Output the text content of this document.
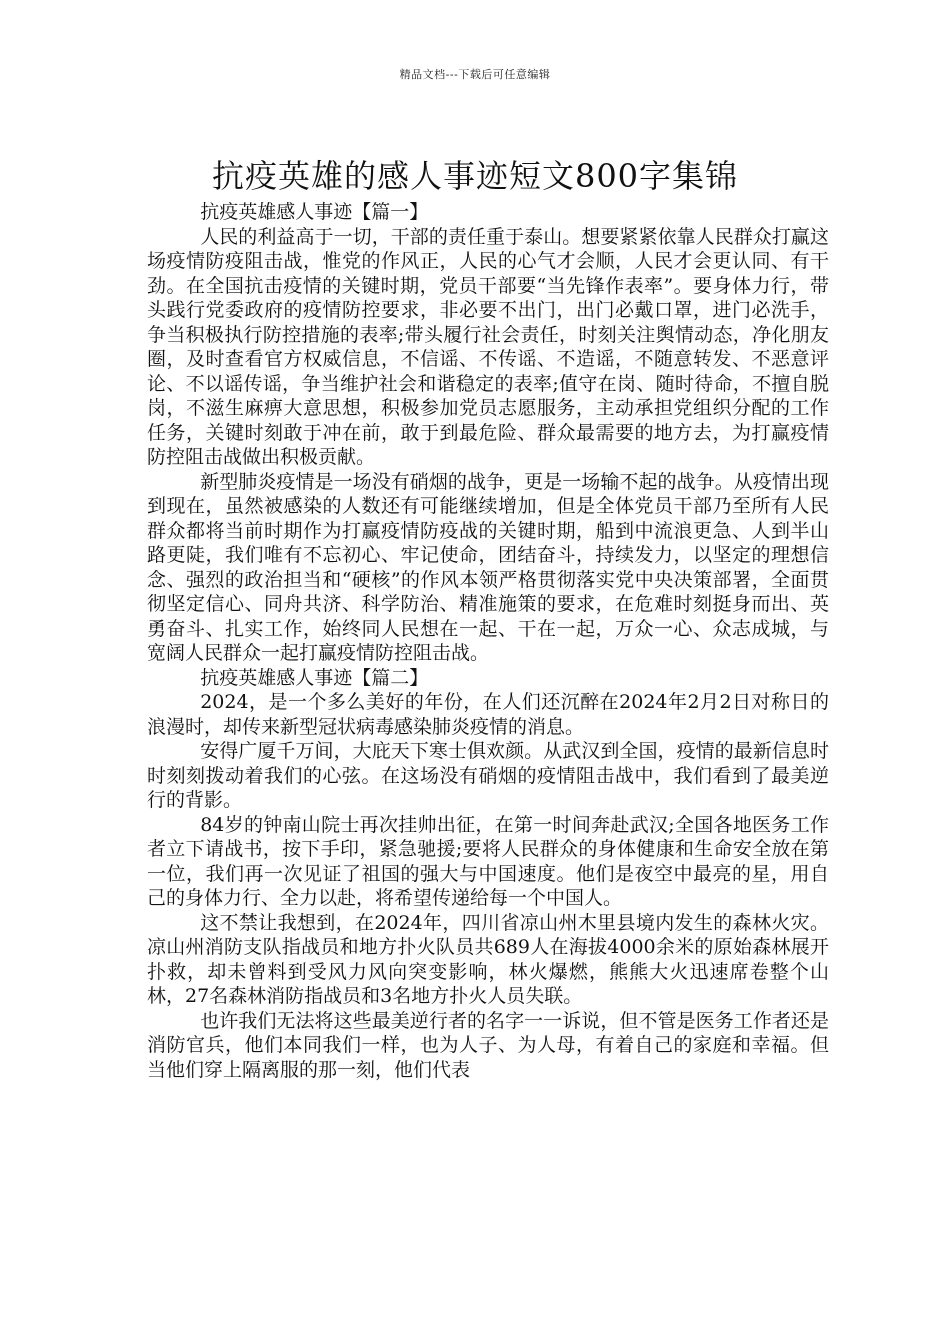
精品文档---下载后可任意编辑
抗疫英雄的感人事迹短文800字集锦

抗疫英雄感人事迹【篇一】

人民的利益高于一切，干部的责任重于泰山。想要紧紧依靠人民群众打赢这场疫情防疫阻击战，惟党的作风正，人民的心气才会顺，人民才会更认同、有干劲。在全国抗击疫情的关键时期，党员干部要“当先锋作表率”。要身体力行，带头践行党委政府的疫情防控要求，非必要不出门，出门必戴口罩，进门必洗手，争当积极执行防控措施的表率;带头履行社会责任，时刻关注舆情动态，净化朋友圈，及时查看官方权威信息，不信谣、不传谣、不造谣，不随意转发、不恶意评论、不以谣传谣，争当维护社会和谐稳定的表率;值守在岗、随时待命，不擅自脱岗，不滋生麻痹大意思想，积极参加党员志愿服务，主动承担党组织分配的工作任务，关键时刻敢于冲在前，敢于到最危险、群众最需要的地方去，为打赢疫情防控阻击战做出积极贡献。

新型肺炎疫情是一场没有硝烟的战争，更是一场输不起的战争。从疫情出现到现在，虽然被感染的人数还有可能继续增加，但是全体党员干部乃至所有人民群众都将当前时期作为打赢疫情防疫战的关键时期，船到中流浪更急、人到半山路更陡，我们唯有不忘初心、牢记使命，团结奋斗，持续发力，以坚定的理想信念、强烈的政治担当和“硬核”的作风本领严格贯彻落实党中央决策部署，全面贯彻坚定信心、同舟共济、科学防治、精准施策的要求，在危难时刻挺身而出、英勇奋斗、扎实工作，始终同人民想在一起、干在一起，万众一心、众志成城，与宽阔人民群众一起打赢疫情防控阻击战。

抗疫英雄感人事迹【篇二】

2024，是一个多么美好的年份，在人们还沉醉在2024年2月2日对称日的浪漫时，却传来新型冠状病毒感染肺炎疫情的消息。

安得广厦千万间，大庇天下寒士俱欢颜。从武汉到全国，疫情的最新信息时时刻刻拨动着我们的心弦。在这场没有硝烟的疫情阻击战中，我们看到了最美逆行的背影。

84岁的钟南山院士再次挂帅出征，在第一时间奔赴武汉;全国各地医务工作者立下请战书，按下手印，紧急驰援;要将人民群众的身体健康和生命安全放在第一位，我们再一次见证了祖国的强大与中国速度。他们是夜空中最亮的星，用自己的身体力行、全力以赴，将希望传递给每一个中国人。

这不禁让我想到，在2024年，四川省凉山州木里县境内发生的森林火灾。凉山州消防支队指战员和地方扑火队员共689人在海拔4000余米的原始森林展开扑救，却未曾料到受风力风向突变影响，林火爆燃，熊熊大火迅速席卷整个山林，27名森林消防指战员和3名地方扑火人员失联。

也许我们无法将这些最美逆行者的名字一一诉说，但不管是医务工作者还是消防官兵，他们本同我们一样，也为人子、为人母，有着自己的家庭和幸福。但当他们穿上隔离服的那一刻，他们代表
